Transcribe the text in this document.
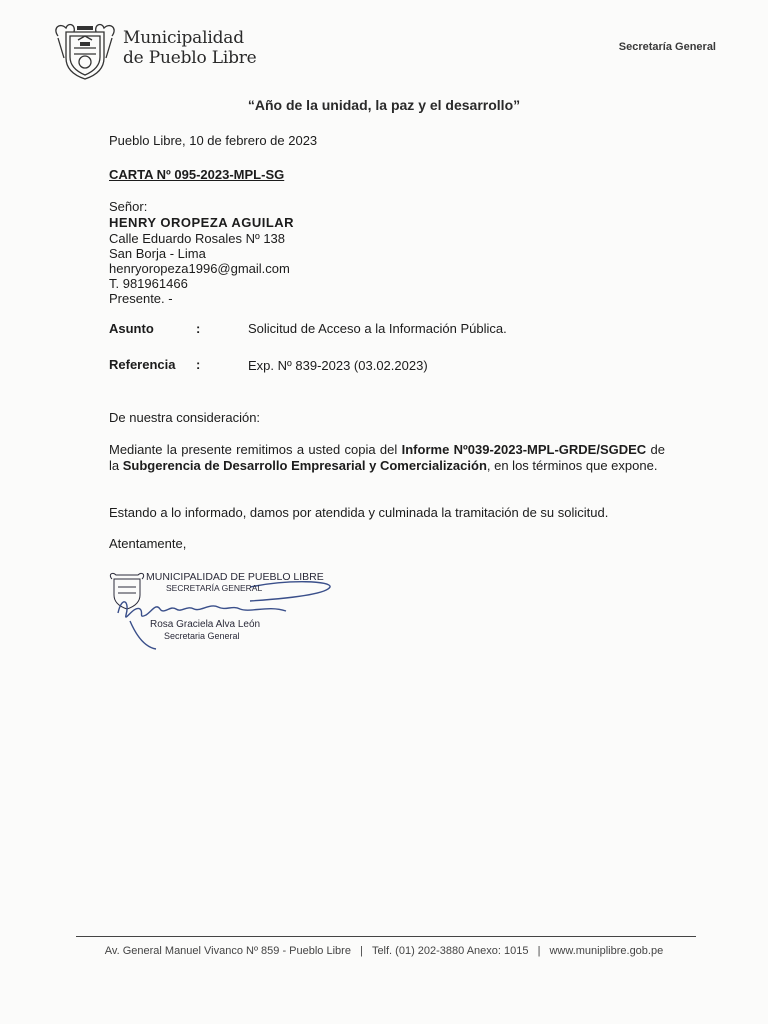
Municipalidad
de Pueblo Libre
Secretaría General
“Año de la unidad, la paz y el desarrollo”
Pueblo Libre, 10 de febrero de 2023
CARTA Nº 095-2023-MPL-SG
Señor:
HENRY OROPEZA AGUILAR
Calle Eduardo Rosales Nº 138
San Borja - Lima
henryoropeza1996@gmail.com
T. 981961466
Presente. -
Asunto	:	Solicitud de Acceso a la Información Pública.
Referencia :	Exp. Nº 839-2023 (03.02.2023)
De nuestra consideración:
Mediante la presente remitimos a usted copia del Informe Nº039-2023-MPL-GRDE/SGDEC de la Subgerencia de Desarrollo Empresarial y Comercialización, en los términos que expone.
Estando a lo informado, damos por atendida y culminada la tramitación de su solicitud.
Atentamente,
MUNICIPALIDAD DE PUEBLO LIBRE
SECRETARÍA GENERAL
Rosa Graciela Alva León
Secretaria General
Av. General Manuel Vivanco Nº 859 - Pueblo Libre | Telf. (01) 202-3880 Anexo: 1015 | www.muniplibre.gob.pe
